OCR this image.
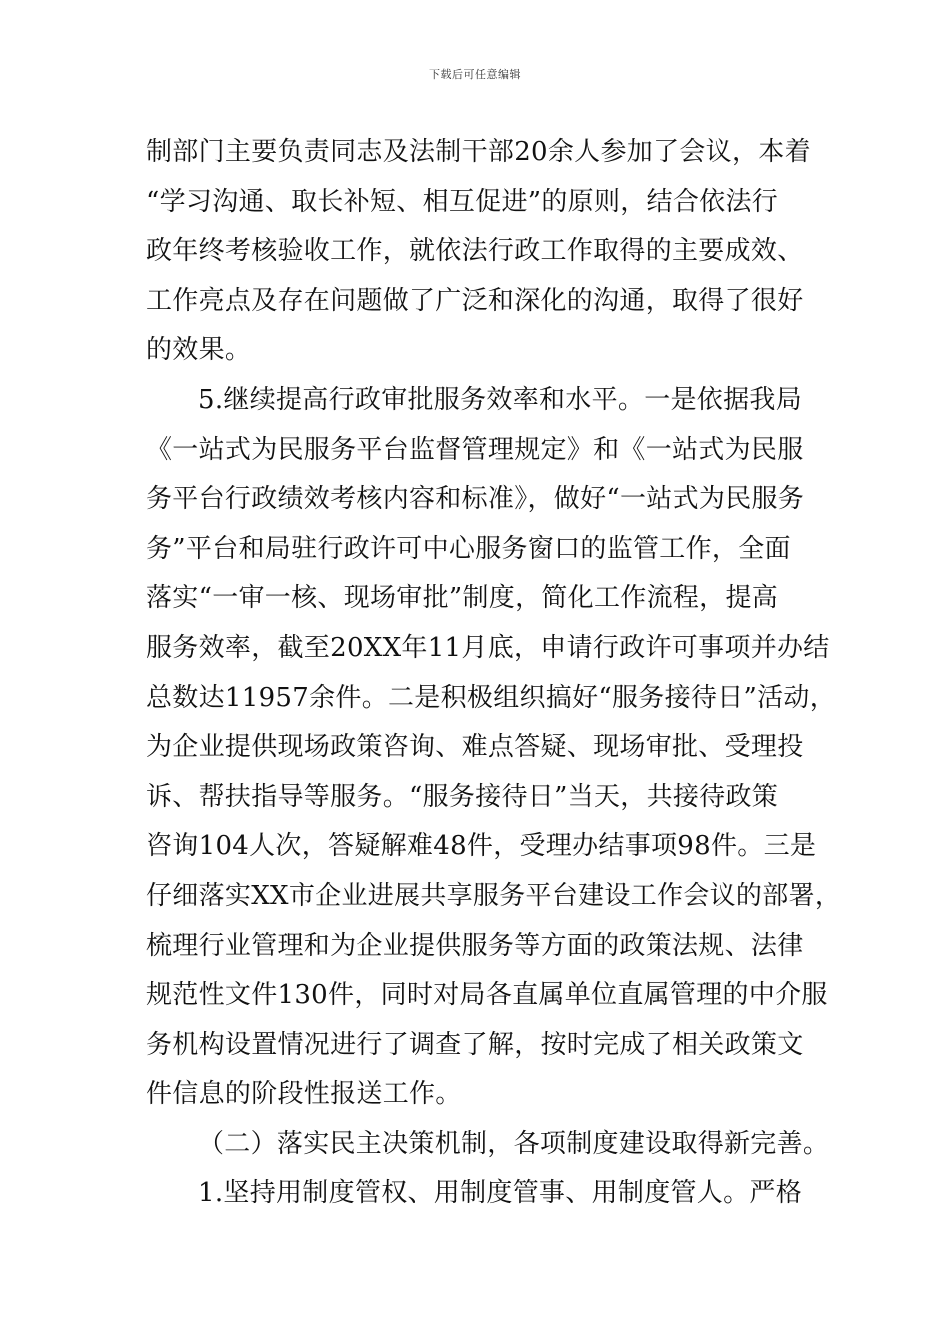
下载后可任意编辑
制部门主要负责同志及法制干部20余人参加了会议，本着
“学习沟通、取长补短、相互促进”的原则，结合依法行
政年终考核验收工作，就依法行政工作取得的主要成效、
工作亮点及存在问题做了广泛和深化的沟通，取得了很好
的效果。
5.继续提高行政审批服务效率和水平。一是依据我局
《一站式为民服务平台监督管理规定》和《一站式为民服
务平台行政绩效考核内容和标准》，做好“一站式为民服务
务”平台和局驻行政许可中心服务窗口的监管工作，全面
落实“一审一核、现场审批”制度，简化工作流程，提高
服务效率，截至20XX年11月底，申请行政许可事项并办结
总数达11957余件。二是积极组织搞好“服务接待日”活动，
为企业提供现场政策咨询、难点答疑、现场审批、受理投
诉、帮扶指导等服务。“服务接待日”当天，共接待政策
咨询104人次，答疑解难48件，受理办结事项98件。三是
仔细落实XX市企业进展共享服务平台建设工作会议的部署，
梳理行业管理和为企业提供服务等方面的政策法规、法律
规范性文件130件，同时对局各直属单位直属管理的中介服
务机构设置情况进行了调查了解，按时完成了相关政策文
件信息的阶段性报送工作。
（二）落实民主决策机制，各项制度建设取得新完善。
1.坚持用制度管权、用制度管事、用制度管人。严格
